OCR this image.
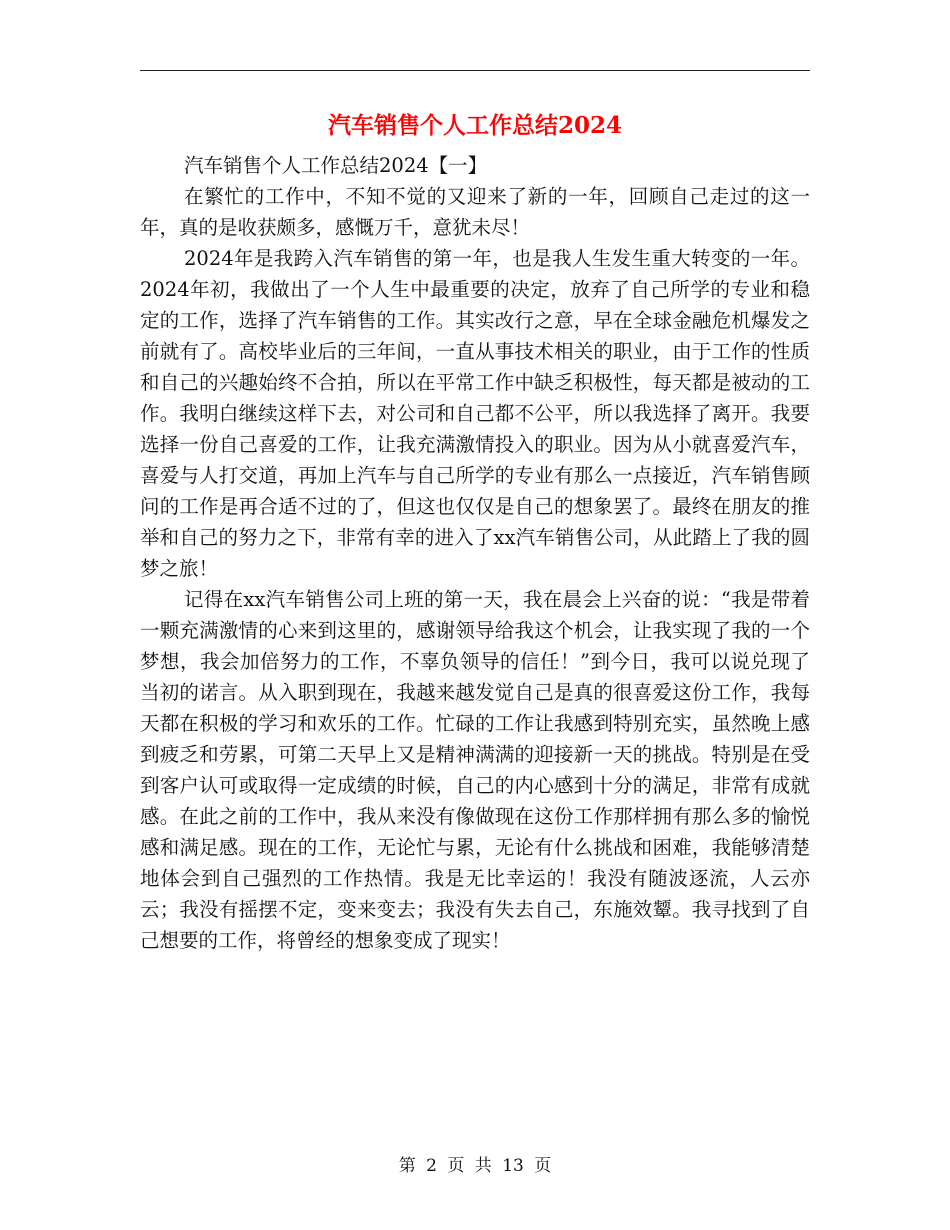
汽车销售个人工作总结2024

汽车销售个人工作总结2024【一】

在繁忙的工作中，不知不觉的又迎来了新的一年，回顾自己走过的这一年，真的是收获颇多，感慨万千，意犹未尽！

2024年是我跨入汽车销售的第一年，也是我人生发生重大转变的一年。2024年初，我做出了一个人生中最重要的决定，放弃了自己所学的专业和稳定的工作，选择了汽车销售的工作。其实改行之意，早在全球金融危机爆发之前就有了。高校毕业后的三年间，一直从事技术相关的职业，由于工作的性质和自己的兴趣始终不合拍，所以在平常工作中缺乏积极性，每天都是被动的工作。我明白继续这样下去，对公司和自己都不公平，所以我选择了离开。我要选择一份自己喜爱的工作，让我充满激情投入的职业。因为从小就喜爱汽车，喜爱与人打交道，再加上汽车与自己所学的专业有那么一点接近，汽车销售顾问的工作是再合适不过的了，但这也仅仅是自己的想象罢了。最终在朋友的推举和自己的努力之下，非常有幸的进入了xx汽车销售公司，从此踏上了我的圆梦之旅！

记得在xx汽车销售公司上班的第一天，我在晨会上兴奋的说：“我是带着一颗充满激情的心来到这里的，感谢领导给我这个机会，让我实现了我的一个梦想，我会加倍努力的工作，不辜负领导的信任！”到今日，我可以说兑现了当初的诺言。从入职到现在，我越来越发觉自己是真的很喜爱这份工作，我每天都在积极的学习和欢乐的工作。忙碌的工作让我感到特别充实，虽然晚上感到疲乏和劳累，可第二天早上又是精神满满的迎接新一天的挑战。特别是在受到客户认可或取得一定成绩的时候，自己的内心感到十分的满足，非常有成就感。在此之前的工作中，我从来没有像做现在这份工作那样拥有那么多的愉悦感和满足感。现在的工作，无论忙与累，无论有什么挑战和困难，我能够清楚地体会到自己强烈的工作热情。我是无比幸运的！我没有随波逐流，人云亦云；我没有摇摆不定，变来变去；我没有失去自己，东施效颦。我寻找到了自己想要的工作，将曾经的想象变成了现实！

第 2 页 共 13 页
